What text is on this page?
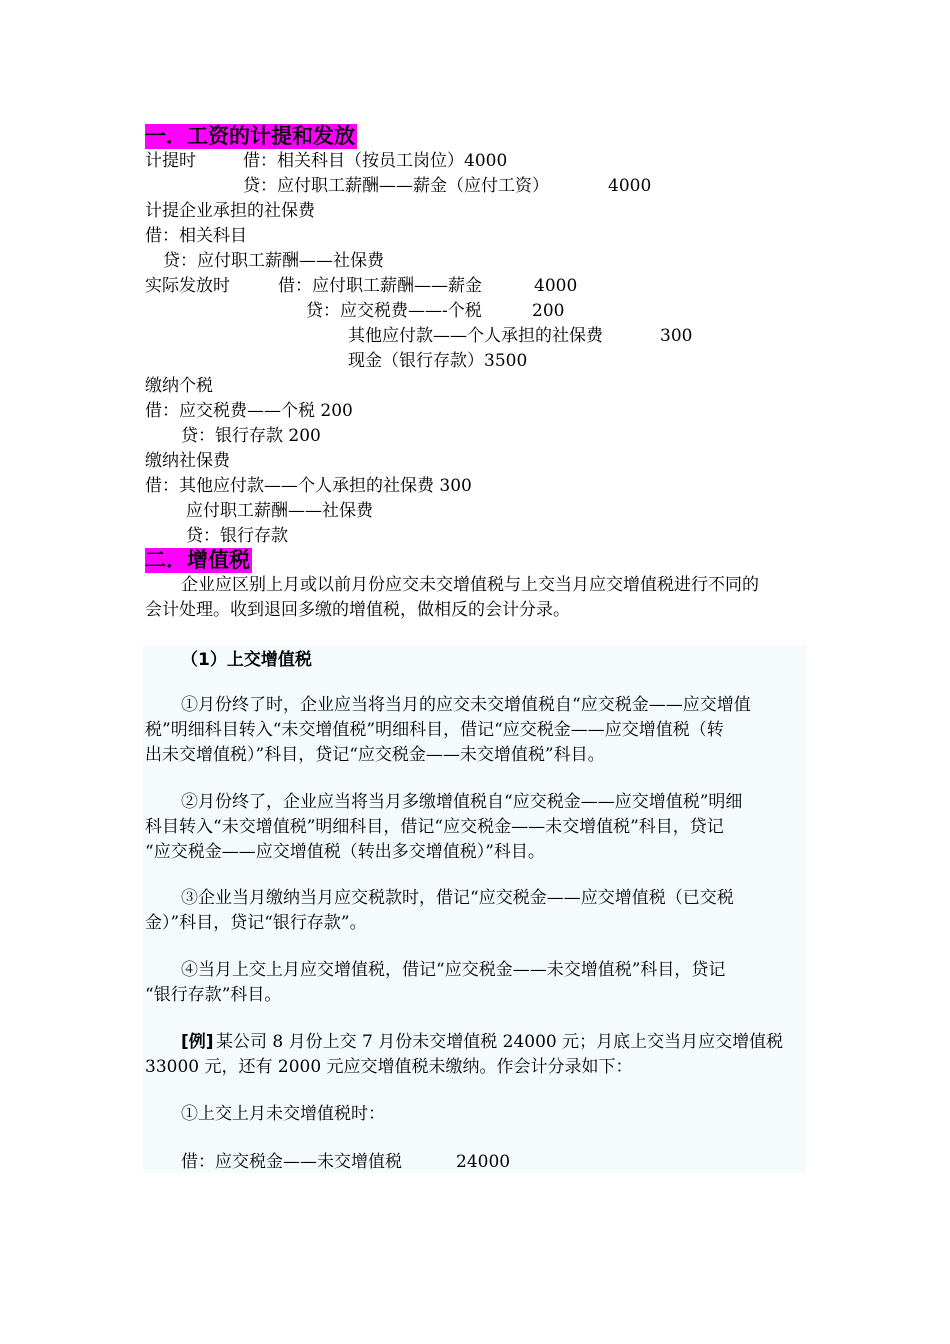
一．工资的计提和发放
计提时	借：相关科目（按员工岗位）4000
贷：应付职工薪酬——薪金（应付工资）	4000
计提企业承担的社保费
借：相关科目
贷：应付职工薪酬——社保费
实际发放时	借：应付职工薪酬——薪金	4000
贷：应交税费——-个税	200
其他应付款——个人承担的社保费	300
现金（银行存款）3500
缴纳个税
借：应交税费——个税 200
贷：银行存款 200
缴纳社保费
借：其他应付款——个人承担的社保费 300
应付职工薪酬——社保费
贷：银行存款
二．增值税
企业应区别上月或以前月份应交未交增值税与上交当月应交增值税进行不同的
会计处理。收到退回多缴的增值税，做相反的会计分录。
（1）上交增值税
①月份终了时，企业应当将当月的应交未交增值税自“应交税金——应交增值
税”明细科目转入“未交增值税”明细科目，借记“应交税金——应交增值税（转
出未交增值税）”科目，贷记“应交税金——未交增值税”科目。
②月份终了，企业应当将当月多缴增值税自“应交税金——应交增值税”明细
科目转入“未交增值税”明细科目，借记“应交税金——未交增值税”科目，贷记
“应交税金——应交增值税（转出多交增值税）”科目。
③企业当月缴纳当月应交税款时，借记“应交税金——应交增值税（已交税
金）”科目，贷记“银行存款”。
④当月上交上月应交增值税，借记“应交税金——未交增值税”科目，贷记
“银行存款”科目。
[例] 某公司 8 月份上交 7 月份未交增值税 24000 元；月底上交当月应交增值税
33000 元，还有 2000 元应交增值税未缴纳。作会计分录如下：
①上交上月未交增值税时：
借：应交税金——未交增值税	24000
